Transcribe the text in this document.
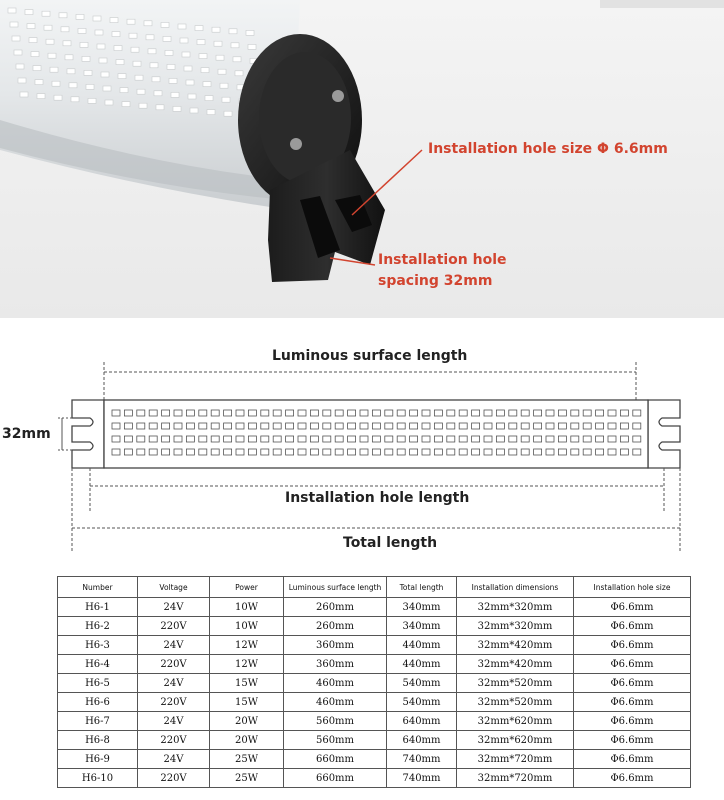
Installation hole size Φ 6.6mm
Installation hole
spacing 32mm
Luminous surface length
Installation hole length
Total length
32mm
Number	Voltage	Power	Luminous surface length	Total length	Installation dimensions	Installation hole size
H6-1	24V	10W	260mm	340mm	32mm*320mm	Φ6.6mm
H6-2	220V	10W	260mm	340mm	32mm*320mm	Φ6.6mm
H6-3	24V	12W	360mm	440mm	32mm*420mm	Φ6.6mm
H6-4	220V	12W	360mm	440mm	32mm*420mm	Φ6.6mm
H6-5	24V	15W	460mm	540mm	32mm*520mm	Φ6.6mm
H6-6	220V	15W	460mm	540mm	32mm*520mm	Φ6.6mm
H6-7	24V	20W	560mm	640mm	32mm*620mm	Φ6.6mm
H6-8	220V	20W	560mm	640mm	32mm*620mm	Φ6.6mm
H6-9	24V	25W	660mm	740mm	32mm*720mm	Φ6.6mm
H6-10	220V	25W	660mm	740mm	32mm*720mm	Φ6.6mm
